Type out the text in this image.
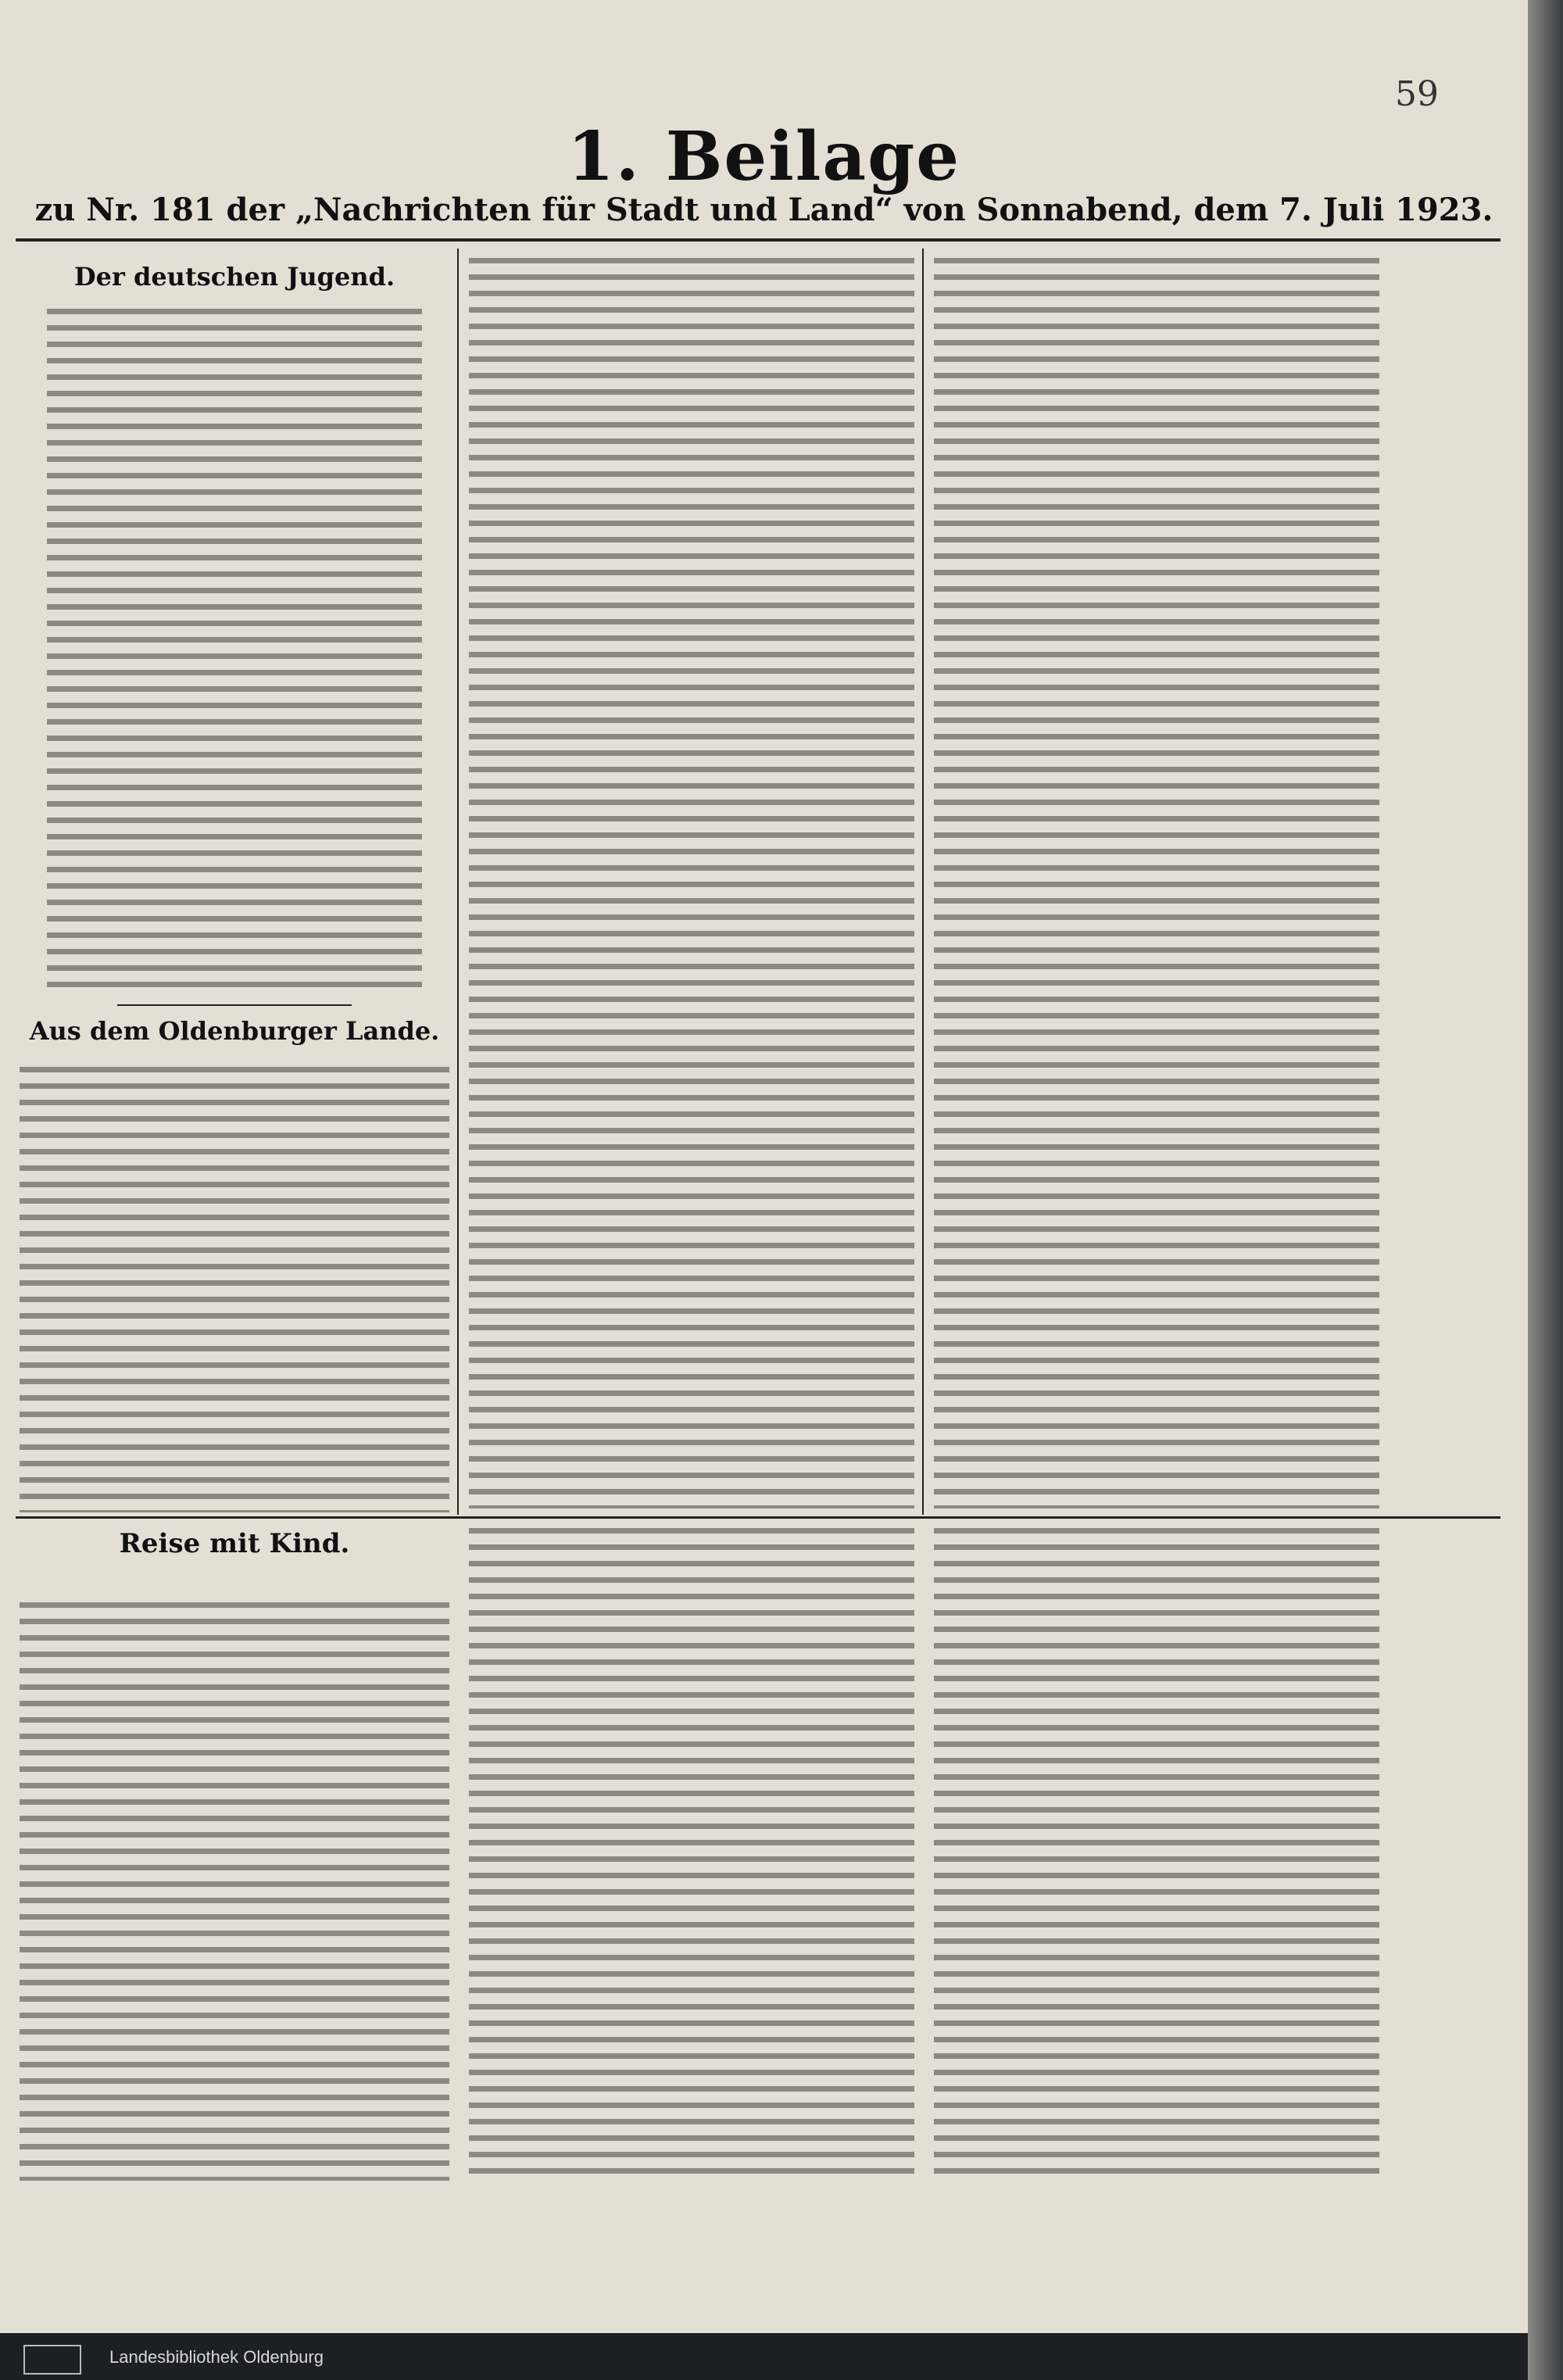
59
1. Beilage
zu Nr. 181 der „Nachrichten für Stadt und Land“ von Sonnabend, dem 7. Juli 1923.
Der deutschen Jugend.
Aus dem Oldenburger Lande.
Reise mit Kind.
Landesbibliothek Oldenburg
